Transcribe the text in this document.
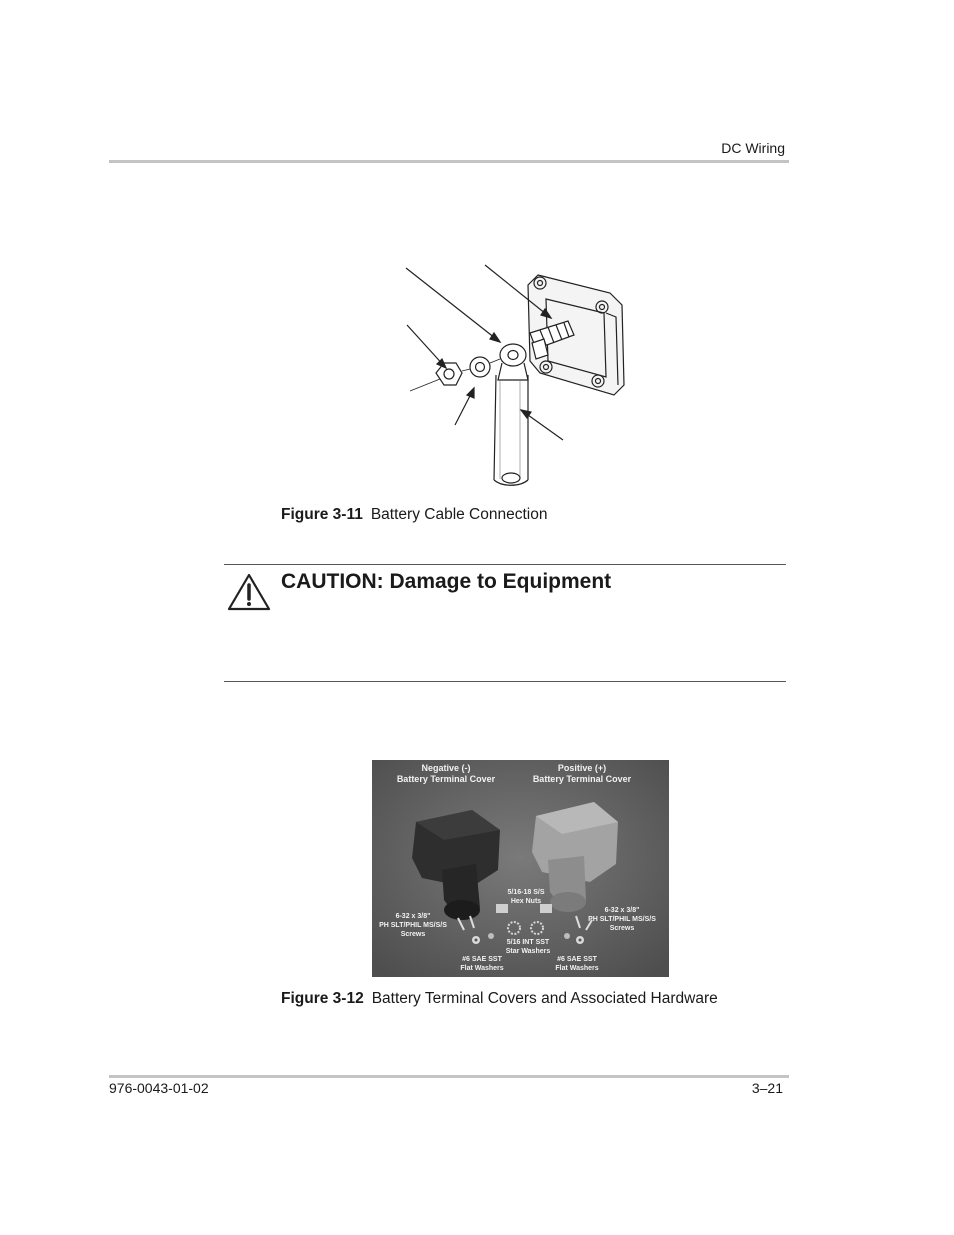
DC Wiring
Figure 3-11 Battery Cable Connection
CAUTION: Damage to Equipment
Negative (-)
Battery Terminal Cover
Positive (+)
Battery Terminal Cover
5/16-18 S/S
Hex Nuts
6-32 x 3/8"
PH SLT/PHIL MS/S/S
Screws
6-32 x 3/8"
PH SLT/PHIL MS/S/S
Screws
5/16 INT SST
Star Washers
#6 SAE SST
Flat Washers
#6 SAE SST
Flat Washers
Figure 3-12 Battery Terminal Covers and Associated Hardware
976-0043-01-02	3–21
